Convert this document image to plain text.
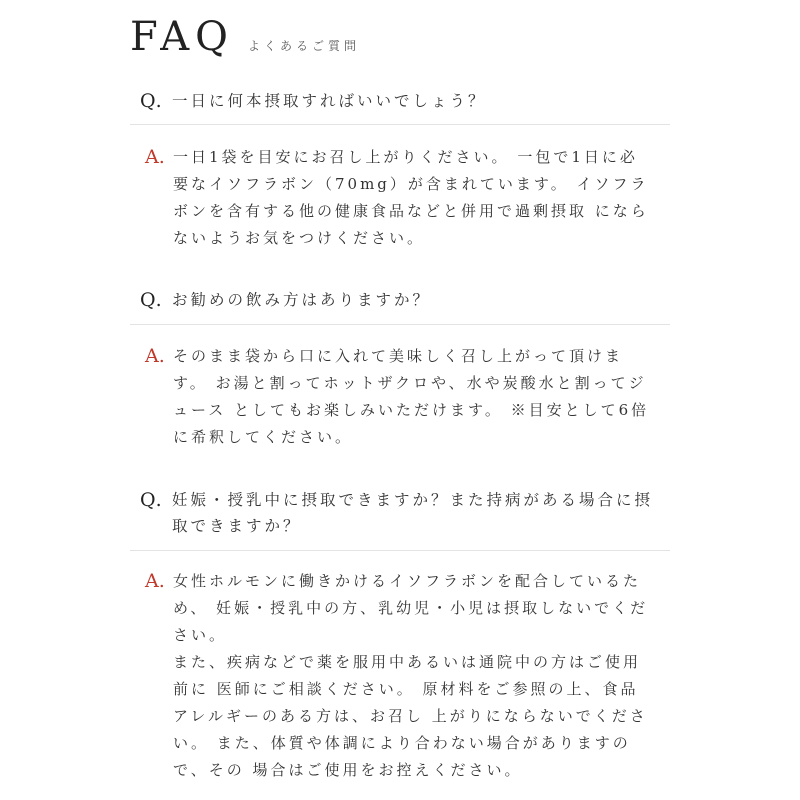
FAQ よくあるご質問
Q. 一日に何本摂取すればいいでしょう？
A. 一日1袋を目安にお召し上がりください。 一包で1日に必
要なイソフラボン（70mg）が含まれています。 イソフラ
ボンを含有する他の健康食品などと併用で過剰摂取 になら
ないようお気をつけください。
Q. お勧めの飲み方はありますか？
A. そのまま袋から口に入れて美味しく召し上がって頂けま
す。 お湯と割ってホットザクロや、水や炭酸水と割ってジ
ュース としてもお楽しみいただけます。 ※目安として6倍
に希釈してください。
Q. 妊娠・授乳中に摂取できますか？また持病がある場合に摂
取できますか？
A. 女性ホルモンに働きかけるイソフラボンを配合しているた
め、 妊娠・授乳中の方、乳幼児・小児は摂取しないでくだ
さい。
また、疾病などで薬を服用中あるいは通院中の方はご使用
前に 医師にご相談ください。 原材料をご参照の上、食品
アレルギーのある方は、お召し 上がりにならないでくださ
い。 また、体質や体調により合わない場合がありますの
で、その 場合はご使用をお控えください。
